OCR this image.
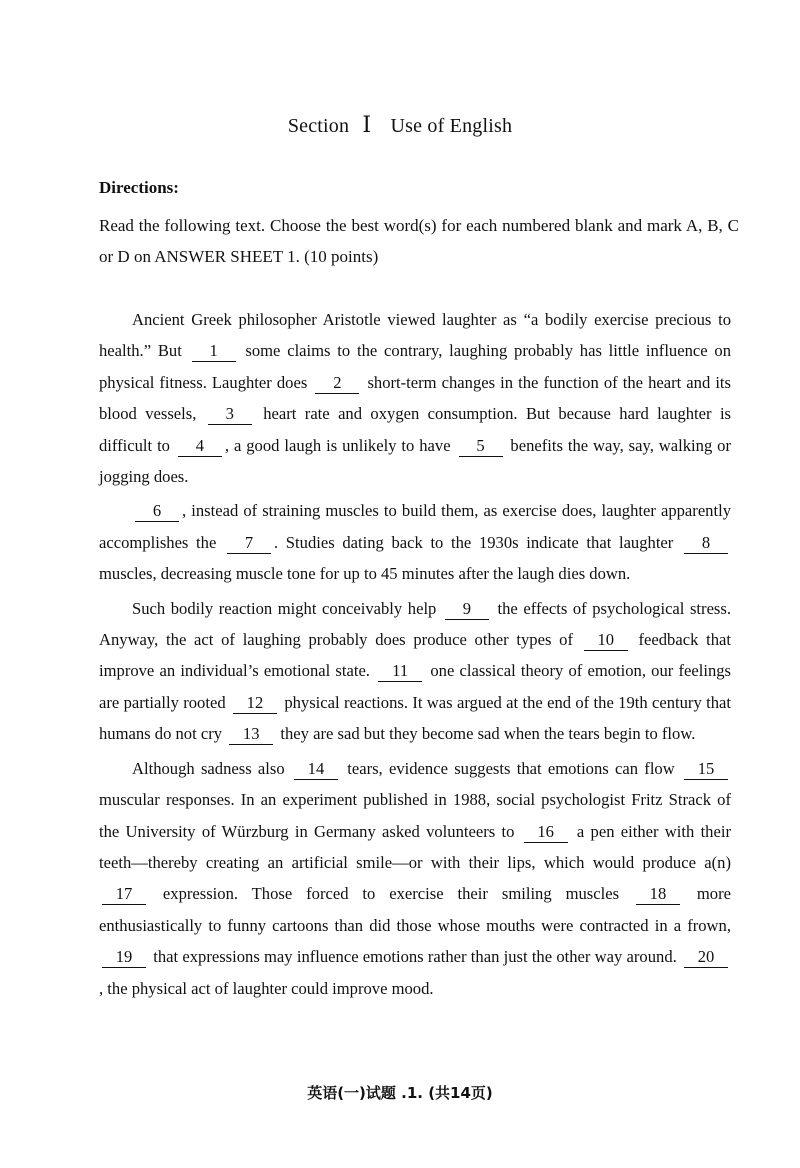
Section Ⅰ Use of English
Directions:
Read the following text. Choose the best word(s) for each numbered blank and mark A, B, C or D on ANSWER SHEET 1. (10 points)

Ancient Greek philosopher Aristotle viewed laughter as “a bodily exercise precious to health.” But 1 some claims to the contrary, laughing probably has little influence on physical fitness. Laughter does 2 short-term changes in the function of the heart and its blood vessels, 3 heart rate and oxygen consumption. But because hard laughter is difficult to 4 , a good laugh is unlikely to have 5 benefits the way, say, walking or jogging does.

6 , instead of straining muscles to build them, as exercise does, laughter apparently accomplishes the 7 . Studies dating back to the 1930s indicate that laughter 8 muscles, decreasing muscle tone for up to 45 minutes after the laugh dies down.

Such bodily reaction might conceivably help 9 the effects of psychological stress. Anyway, the act of laughing probably does produce other types of 10 feedback that improve an individual’s emotional state. 11 one classical theory of emotion, our feelings are partially rooted 12 physical reactions. It was argued at the end of the 19th century that humans do not cry 13 they are sad but they become sad when the tears begin to flow.

Although sadness also 14 tears, evidence suggests that emotions can flow 15 muscular responses. In an experiment published in 1988, social psychologist Fritz Strack of the University of Würzburg in Germany asked volunteers to 16 a pen either with their teeth—thereby creating an artificial smile—or with their lips, which would produce a(n) 17 expression. Those forced to exercise their smiling muscles 18 more enthusiastically to funny cartoons than did those whose mouths were contracted in a frown, 19 that expressions may influence emotions rather than just the other way around. 20, the physical act of laughter could improve mood.

英语(一)试题 .1. (共14页)
